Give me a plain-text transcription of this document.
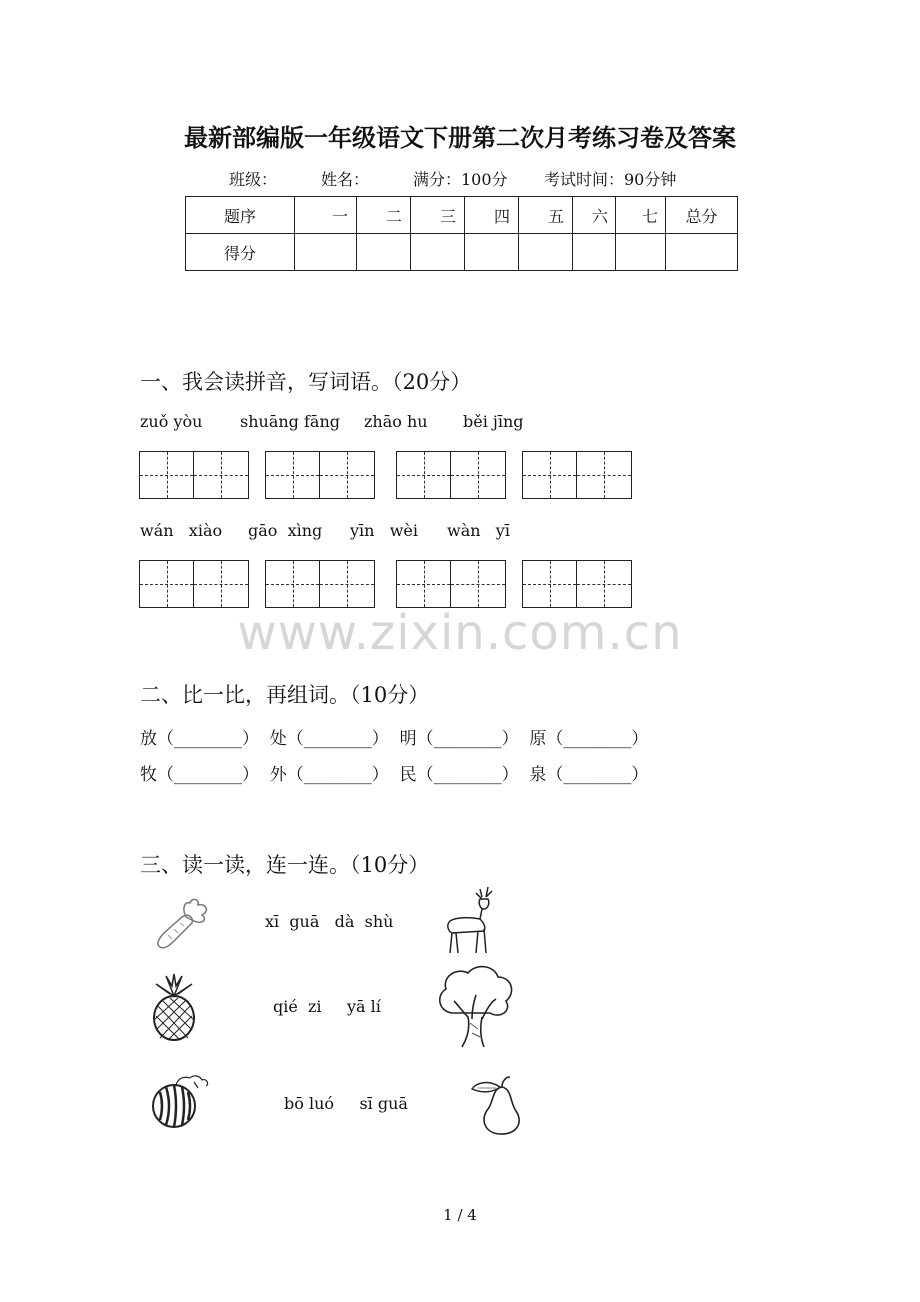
最新部编版一年级语文下册第二次月考练习卷及答案
班级：	姓名：	满分：100分 考试时间：90分钟
题序	一	二	三	四	五	六	七	总分
得分								
一、我会读拼音，写词语。（20分）
zuǒ yòu shuāng fāng zhāo hu běi jīng
wán   xiào gāo  xìng yīn   wèi wàn   yī
www.zixin.com.cn
二、比一比，再组词。（10分）
放（________）  处（________）  明（________）  原（________）
牧（________）  外（________）  民（________）  泉（________）
三、读一读，连一连。（10分）
xī  guā   dà  shù
qié  zi     yā lí
bō luó     sī guā
1 / 4
